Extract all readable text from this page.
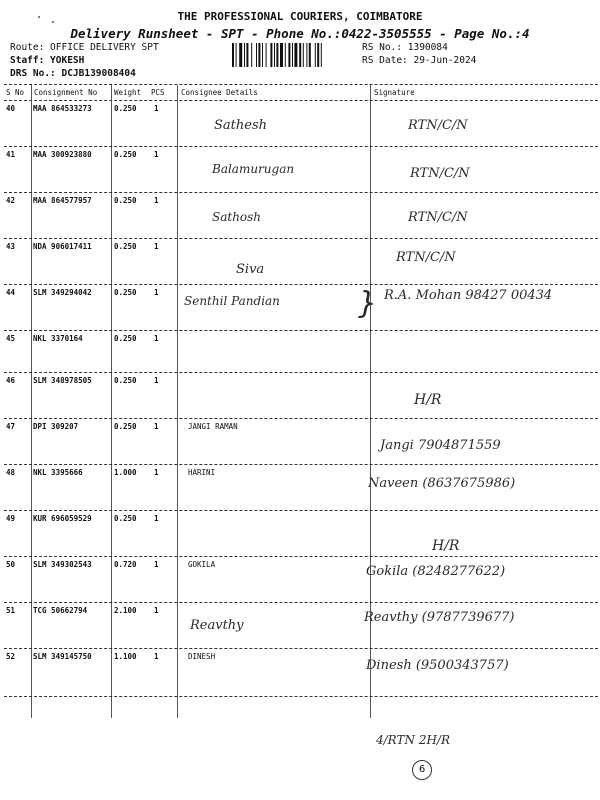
THE PROFESSIONAL COURIERS, COIMBATORE
Delivery Runsheet - SPT - Phone No.:0422-3505555 - Page No.:4
Route: OFFICE DELIVERY SPT
Staff: YOKESH
DRS No.: DCJB139008404
RS No.: 1390084
RS Date: 29-Jun-2024
S No Consignment No Weight PCS Consignee Details	Signature
40 MAA 864533273	0.250 1
Sathesh	RTN/C/N
41 MAA 300923880	0.250 1
Balamurugan	RTN/C/N
42 MAA 864577957	0.250 1
Sathosh	RTN/C/N
43 NDA 906017411	0.250 1
Siva
RTN/C/N
44 SLM 349294042	0.250 1
Senthil Pandian	R.A. Mohan 98427 00434
45 NKL 3370164	0.250 1
46 SLM 348978505	0.250 1
H/R
47 DPI 309207	0.250 1	JANGI RAMAN
Jangi 7904871559
48 NKL 3395666	1.000 1	HARINI
Naveen (8637675986)
49 KUR 696059529	0.250 1
H/R
50 SLM 349302543	0.720 1	GOKILA	Gokila (8248277622)
51 TCG 50662794	2.100 1
Reavthy
Reavthy (9787739677)
52 SLM 349145750	1.100 1	DINESH
Dinesh (9500343757)
}
4/RTN 2H/R
6
